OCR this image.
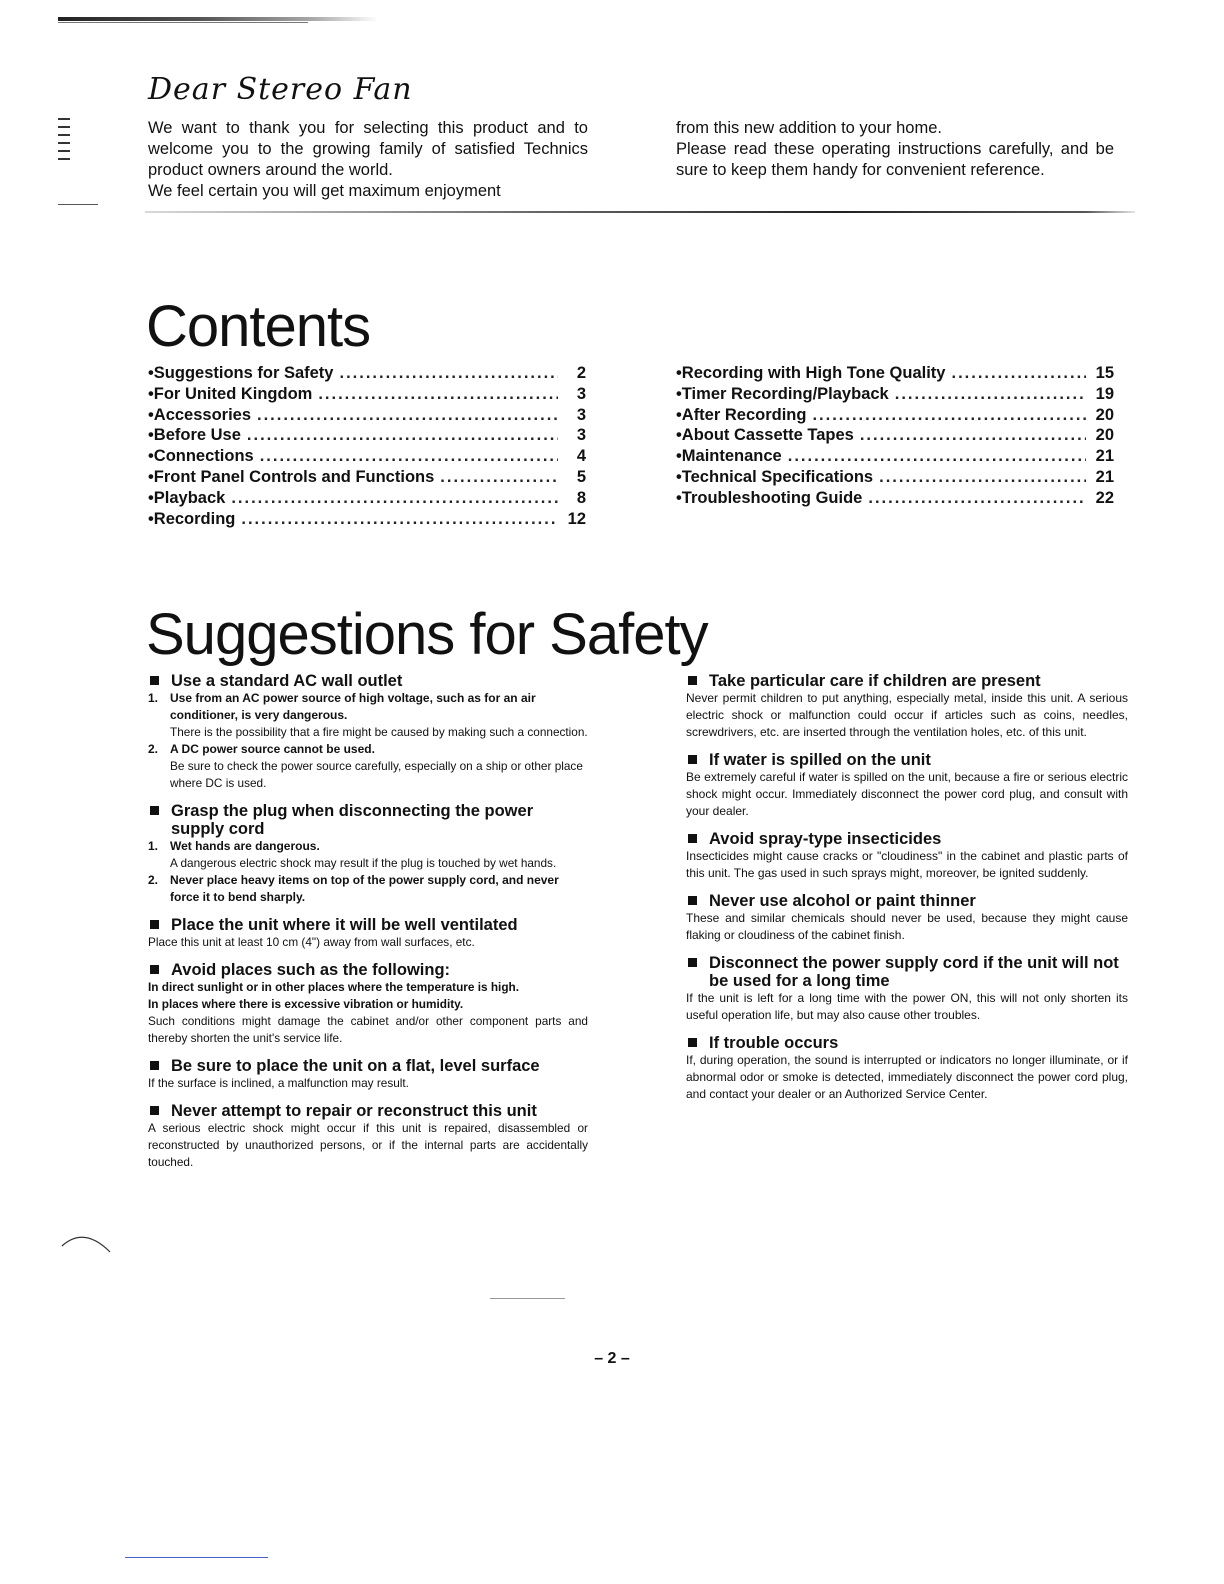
Dear Stereo Fan

We want to thank you for selecting this product and to welcome you to the growing family of satisfied Technics product owners around the world.

We feel certain you will get maximum enjoyment

from this new addition to your home.

Please read these operating instructions carefully, and be sure to keep them handy for convenient reference.

Contents
•Suggestions for Safety .....	2
•For United Kingdom .....	3
•Accessories .....	3
•Before Use .....	3
•Connections .....	4
•Front Panel Controls and Functions .....	5
•Playback .....	8
•Recording .....	12
•Recording with High Tone Quality .....	15
•Timer Recording/Playback .....	19
•After Recording .....	20
•About Cassette Tapes .....	20
•Maintenance .....	21
•Technical Specifications .....	21
•Troubleshooting Guide .....	22
Suggestions for Safety
Use a standard AC wall outlet
1. Use from an AC power source of high voltage, such as for an air conditioner, is very dangerous.
There is the possibility that a fire might be caused by making such a connection.
2. A DC power source cannot be used.
Be sure to check the power source carefully, especially on a ship or other place where DC is used.
Grasp the plug when disconnecting the power supply cord
1. Wet hands are dangerous.
A dangerous electric shock may result if the plug is touched by wet hands.
2. Never place heavy items on top of the power supply cord, and never force it to bend sharply.
Place the unit where it will be well ventilated
Place this unit at least 10 cm (4") away from wall surfaces, etc.
Avoid places such as the following:
In direct sunlight or in other places where the temperature is high.
In places where there is excessive vibration or humidity.
Such conditions might damage the cabinet and/or other component parts and thereby shorten the unit's service life.
Be sure to place the unit on a flat, level surface
If the surface is inclined, a malfunction may result.
Never attempt to repair or reconstruct this unit
A serious electric shock might occur if this unit is repaired, disassembled or reconstructed by unauthorized persons, or if the internal parts are accidentally touched.
Take particular care if children are present
Never permit children to put anything, especially metal, inside this unit. A serious electric shock or malfunction could occur if articles such as coins, needles, screwdrivers, etc. are inserted through the ventilation holes, etc. of this unit.
If water is spilled on the unit
Be extremely careful if water is spilled on the unit, because a fire or serious electric shock might occur. Immediately disconnect the power cord plug, and consult with your dealer.
Avoid spray-type insecticides
Insecticides might cause cracks or "cloudiness" in the cabinet and plastic parts of this unit. The gas used in such sprays might, moreover, be ignited suddenly.
Never use alcohol or paint thinner
These and similar chemicals should never be used, because they might cause flaking or cloudiness of the cabinet finish.
Disconnect the power supply cord if the unit will not be used for a long time
If the unit is left for a long time with the power ON, this will not only shorten its useful operation life, but may also cause other troubles.
If trouble occurs
If, during operation, the sound is interrupted or indicators no longer illuminate, or if abnormal odor or smoke is detected, immediately disconnect the power cord plug, and contact your dealer or an Authorized Service Center.
– 2 –
